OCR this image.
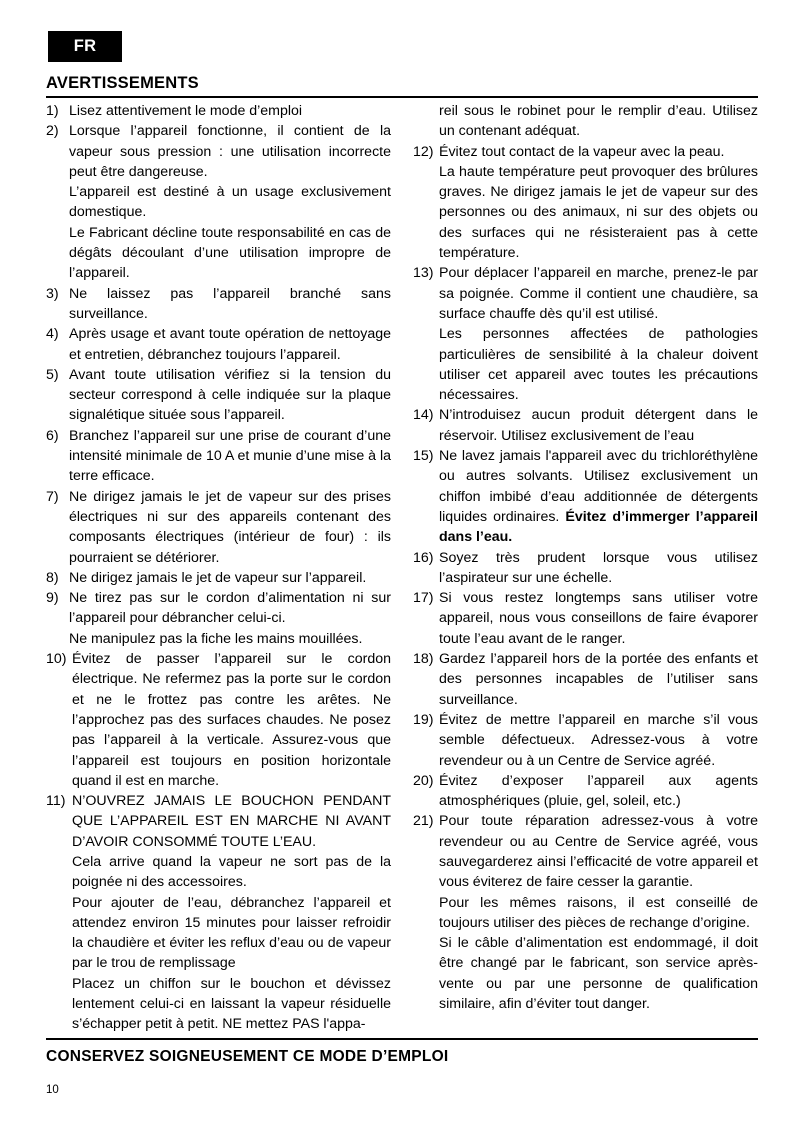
FR
AVERTISSEMENTS
1) Lisez attentivement le mode d’emploi
2) Lorsque l’appareil fonctionne, il contient de la vapeur sous pression : une utilisation incorrecte peut être dangereuse.
L’appareil est destiné à un usage exclusivement domestique.
Le Fabricant décline toute responsabilité en cas de dégâts découlant d’une utilisation impropre de l’appareil.
3) Ne laissez pas l’appareil branché sans surveillance.
4) Après usage et avant toute opération de nettoyage et entretien, débranchez toujours l’appareil.
5) Avant toute utilisation vérifiez si la tension du secteur correspond à celle indiquée sur la plaque signalétique située sous l’appareil.
6) Branchez l’appareil sur une prise de courant d’une intensité minimale de 10 A et munie d’une mise à la terre efficace.
7) Ne dirigez jamais le jet de vapeur sur des prises électriques ni sur des appareils contenant des composants électriques (intérieur de four) : ils pourraient se détériorer.
8) Ne dirigez jamais le jet de vapeur sur l’appareil.
9) Ne tirez pas sur le cordon d’alimentation ni sur l’appareil pour débrancher celui-ci.
Ne manipulez pas la fiche les mains mouillées.
10) Évitez de passer l’appareil sur le cordon électrique. Ne refermez pas la porte sur le cordon et ne le frottez pas contre les arêtes. Ne l’approchez pas des surfaces chaudes. Ne posez pas l’appareil à la verticale. Assurez-vous que l’appareil est toujours en position horizontale quand il est en marche.
11) N’OUVREZ JAMAIS LE BOUCHON PENDANT QUE L’APPAREIL EST EN MARCHE NI AVANT D’AVOIR CONSOMMÉ TOUTE L’EAU.
Cela arrive quand la vapeur ne sort pas de la poignée ni des accessoires.
Pour ajouter de l’eau, débranchez l’appareil et attendez environ 15 minutes pour laisser refroidir la chaudière et éviter les reflux d’eau ou de vapeur par le trou de remplissage
Placez un chiffon sur le bouchon et dévissez lentement celui-ci en laissant la vapeur résiduelle s’échapper petit à petit. NE mettez PAS l'appa-
reil sous le robinet pour le remplir d’eau. Utilisez un contenant adéquat.
12) Évitez tout contact de la vapeur avec la peau.
La haute température peut provoquer des brûlures graves. Ne dirigez jamais le jet de vapeur sur des personnes ou des animaux, ni sur des objets ou des surfaces qui ne résisteraient pas à cette température.
13) Pour déplacer l’appareil en marche, prenez-le par sa poignée. Comme il contient une chaudière, sa surface chauffe dès qu’il est utilisé.
Les personnes affectées de pathologies particulières de sensibilité à la chaleur doivent utiliser cet appareil avec toutes les précautions nécessaires.
14) N’introduisez aucun produit détergent dans le réservoir. Utilisez exclusivement de l’eau
15) Ne lavez jamais l'appareil avec du trichloréthylène ou autres solvants. Utilisez exclusivement un chiffon imbibé d’eau additionnée de détergents liquides ordinaires. Évitez d’immerger l’appareil dans l’eau.
16) Soyez très prudent lorsque vous utilisez l’aspirateur sur une échelle.
17) Si vous restez longtemps sans utiliser votre appareil, nous vous conseillons de faire évaporer toute l’eau avant de le ranger.
18) Gardez l’appareil hors de la portée des enfants et des personnes incapables de l’utiliser sans surveillance.
19) Évitez de mettre l’appareil en marche s’il vous semble défectueux. Adressez-vous à votre revendeur ou à un Centre de Service agréé.
20) Évitez d’exposer l’appareil aux agents atmosphériques (pluie, gel, soleil, etc.)
21) Pour toute réparation adressez-vous à votre revendeur ou au Centre de Service agréé, vous sauvegarderez ainsi l’efficacité de votre appareil et vous éviterez de faire cesser la garantie.
Pour les mêmes raisons, il est conseillé de toujours utiliser des pièces de rechange d’origine.
Si le câble d’alimentation est endommagé, il doit être changé par le fabricant, son service après-vente ou par une personne de qualification similaire, afin d’éviter tout danger.
CONSERVEZ SOIGNEUSEMENT CE MODE D’EMPLOI
10
